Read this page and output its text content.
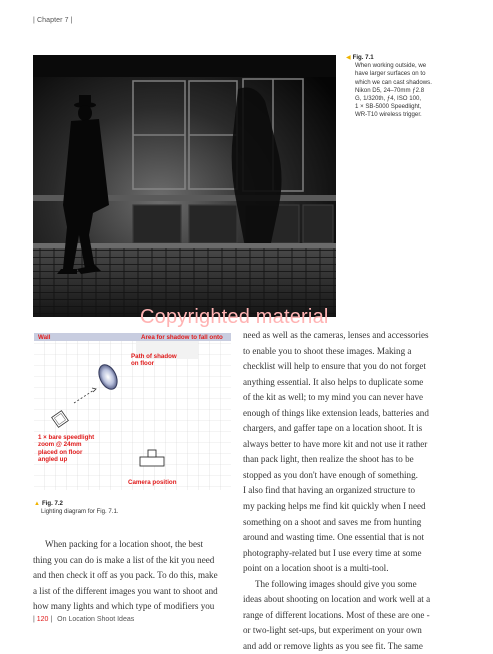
| Chapter 7 |
◀ Fig. 7.1
When working outside, we
have larger surfaces on to
which we can cast shadows.
Nikon D5, 24–70mm ƒ2.8
G, 1/320th, ƒ4, ISO 100,
1 × SB-5000 Speedlight,
WR-T10 wireless trigger.
Wall	Area for shadow to fall onto
Path of shadow
on floor
1 × bare speedlight
zoom @ 24mm
placed on floor
angled up
Camera position
▲ Fig. 7.2
Lighting diagram for Fig. 7.1.
Copyrighted material

need as well as the cameras, lenses and accessories

to enable you to shoot these images. Making a

checklist will help to ensure that you do not forget

anything essential. It also helps to duplicate some

of the kit as well; to my mind you can never have

enough of things like extension leads, batteries and

chargers, and gaffer tape on a location shoot. It is

always better to have more kit and not use it rather

than pack light, then realize the shoot has to be

stopped as you don't have enough of something.

I also find that having an organized structure to

my packing helps me find kit quickly when I need

something on a shoot and saves me from hunting

around and wasting time. One essential that is not

photography-related but I use every time at some

point on a location shoot is a multi-tool.

The following images should give you some

ideas about shooting on location and work well at a

range of different locations. Most of these are one -

or two-light set-ups, but experiment on your own

and add or remove lights as you see fit. The same

When packing for a location shoot, the best

thing you can do is make a list of the kit you need

and then check it off as you pack. To do this, make

a list of the different images you want to shoot and

how many lights and which type of modifiers you

| 120 | On Location Shoot Ideas
